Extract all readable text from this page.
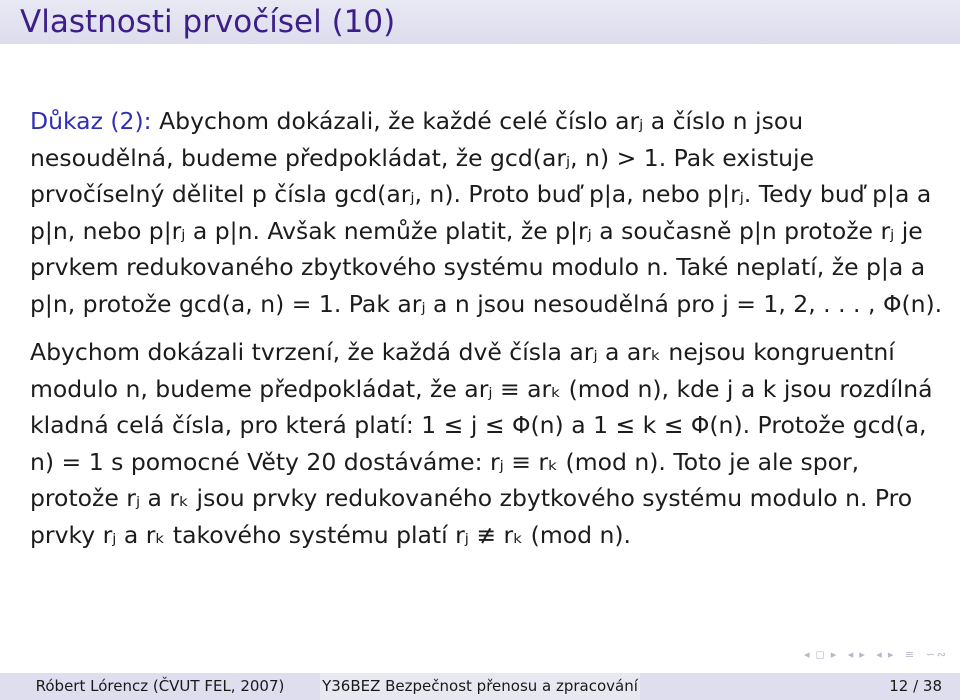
Vlastnosti prvočísel (10)

Důkaz (2): Abychom dokázali, že každé celé číslo arⱼ a číslo n jsou nesoudělná, budeme předpokládat, že gcd(arⱼ, n) > 1. Pak existuje prvočíselný dělitel p čísla gcd(arⱼ, n). Proto buď p|a, nebo p|rⱼ. Tedy buď p|a a p|n, nebo p|rⱼ a p|n. Avšak nemůže platit, že p|rⱼ a současně p|n protože rⱼ je prvkem redukovaného zbytkového systému modulo n. Také neplatí, že p|a a p|n, protože gcd(a, n) = 1. Pak arⱼ a n jsou nesoudělná pro j = 1, 2, . . . , Φ(n).

Abychom dokázali tvrzení, že každá dvě čísla arⱼ a arₖ nejsou kongruentní modulo n, budeme předpokládat, že arⱼ ≡ arₖ (mod n), kde j a k jsou rozdílná kladná celá čísla, pro která platí: 1 ≤ j ≤ Φ(n) a 1 ≤ k ≤ Φ(n). Protože gcd(a, n) = 1 s pomocné Věty 20 dostáváme: rⱼ ≡ rₖ (mod n). Toto je ale spor, protože rⱼ a rₖ jsou prvky redukovaného zbytkového systému modulo n. Pro prvky rⱼ a rₖ takového systému platí rⱼ ≢ rₖ (mod n).

◂ ◻ ▸ ◂ ▸ ◂ ▸ ≡ ∽∾
Róbert Lórencz (ČVUT FEL, 2007)	Y36BEZ Bezpečnost přenosu a zpracování	12 / 38
